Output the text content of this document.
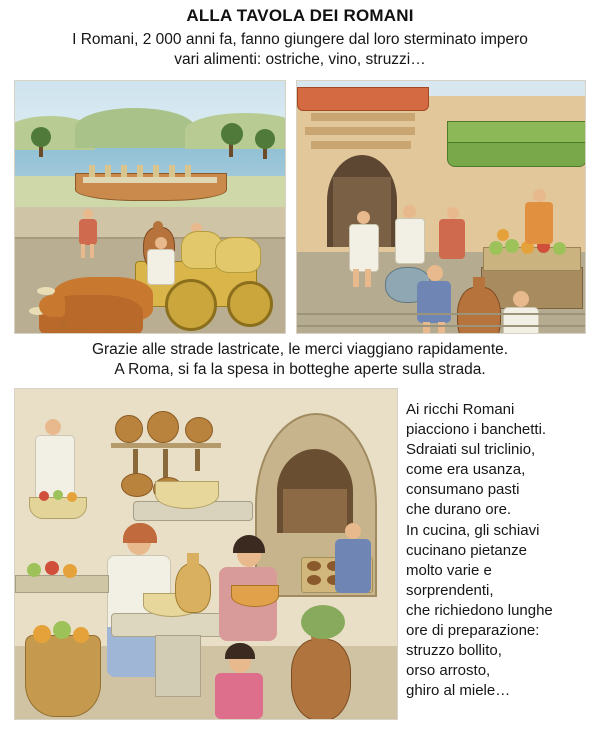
ALLA TAVOLA DEI ROMANI
I Romani, 2 000 anni fa, fanno giungere dal loro sterminato impero
vari alimenti: ostriche, vino, struzzi…
Grazie alle strade lastricate, le merci viaggiano rapidamente.
A Roma, si fa la spesa in botteghe aperte sulla strada.
Ai ricchi Romani
piacciono i banchetti.
Sdraiati sul triclinio,
come era usanza,
consumano pasti
che durano ore.
In cucina, gli schiavi
cucinano pietanze
molto varie e
sorprendenti,
che richiedono lunghe
ore di preparazione:
struzzo bollito,
orso arrosto,
ghiro al miele…
